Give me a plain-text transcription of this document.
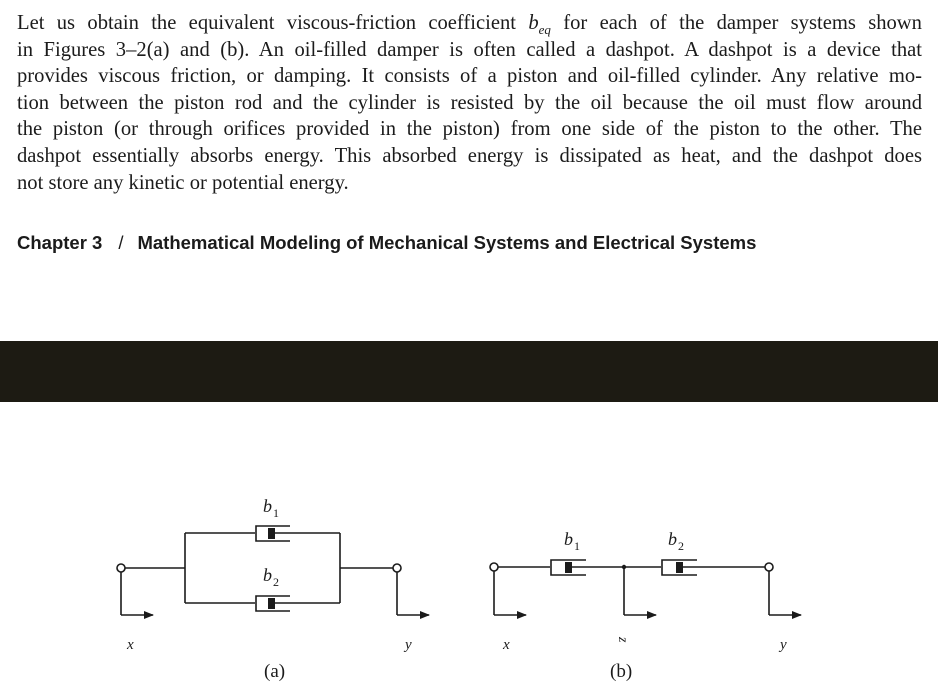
Let us obtain the equivalent viscous-friction coefficient $b_{eq}$ for each of the damper systems shown
in Figures 3–2(a) and (b). An oil-filled damper is often called a dashpot. A dashpot is a device that
provides viscous friction, or damping. It consists of a piston and oil-filled cylinder. Any relative mo-
tion between the piston rod and the cylinder is resisted by the oil because the oil must flow around
the piston (or through orifices provided in the piston) from one side of the piston to the other. The
dashpot essentially absorbs energy. This absorbed energy is dissipated as heat, and the dashpot does
not store any kinetic or potential energy.
Chapter 3 / Mathematical Modeling of Mechanical Systems and Electrical Systems
b 1
b 2
x	y
(a)
b 1	b 2
x	z	y
(b)
